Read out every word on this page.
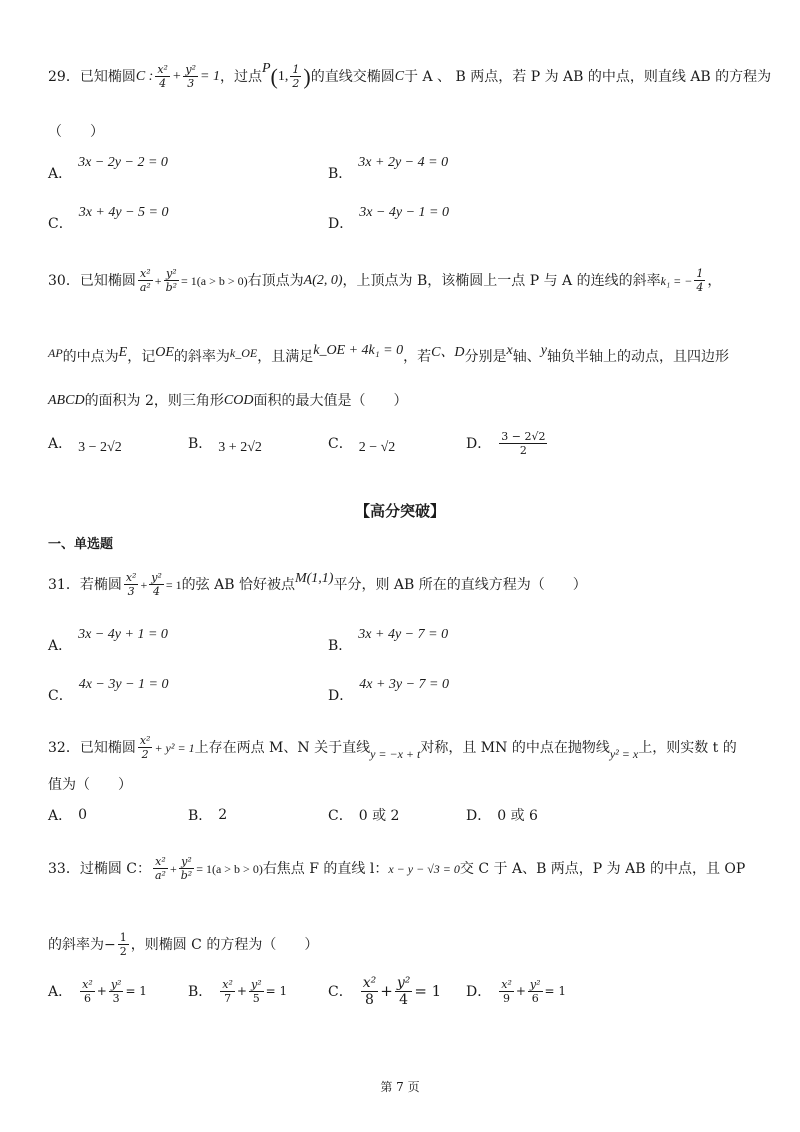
29．已知椭圆 C : $\frac{\text{x²}}{4} + \frac{\text{y²}}{3} = 1$ ，过点
P ( 1, $\frac{1}{2}$ ) 的直线交椭圆 C 于 A 、 B 两点，若 P 为 AB 的中点，则直线 AB 的方程为
（　　）
A．
3x − 2y − 2 = 0
B．
3x + 2y − 4 = 0
C．
3x + 4y − 5 = 0
D．
3x − 4y − 1 = 0
30．已知椭圆 $\frac{\text{x²}}{\text{a²}} + \frac{\text{y²}}{\text{b²}} = 1(a > b > 0)$ 右顶点为 A(2, 0) ，上顶点为 B，该椭圆上一点 P 与 A 的连线的斜率 k₁ = − $\frac{1}{4}$ ，
AP 的中点为 E ，记 OE 的斜率为 k_OE ，且满足 k_OE + 4k₁ = 0 ，若 C、D 分别是 x 轴、 y 轴负半轴上的动点，且四边形
ABCD 的面积为 2，则三角形 COD 面积的最大值是（　　）
A． 3 − 2√2	B． 3 + 2√2	C． 2 − √2	D． $\frac{3 - 2√2}{2}$
【高分突破】
一、单选题
31．若椭圆 $\frac{\text{x²}}{3} + \frac{\text{y²}}{4} = 1$ 的弦 AB 恰好被点 M(1,1) 平分，则 AB 所在的直线方程为（　　）
A．
3x − 4y + 1 = 0
B．
3x + 4y − 7 = 0
C．
4x − 3y − 1 = 0
D．
4x + 3y − 7 = 0
32．已知椭圆 $\frac{\text{x²}}{2} + y^2 = 1$ 上存在两点 M、N 关于直线 y = −x + t 对称，且 MN 的中点在抛物线 y² = x 上，则实数 t 的
值为（　　）
A． 0	B． 2	C． 0 或 2	D． 0 或 6
33．过椭圆 C： $\frac{\text{x²}}{\text{a²}} + \frac{\text{y²}}{\text{b²}} = 1(a > b > 0)$ 右焦点 F 的直线 l： x − y − √3 = 0 交 C 于 A、B 两点，P 为 AB 的中点，且 OP
的斜率为 − $\frac{1}{2}$ ，则椭圆 C 的方程为（　　）
A． $\frac{\text{x²}}{6} + \frac{\text{y²}}{3} = 1$	B． $\frac{\text{x²}}{7} + \frac{\text{y²}}{5} = 1$	C． $\frac{\text{x²}}{8} + \frac{\text{y²}}{4} = 1$ D． $\frac{\text{x²}}{9} + \frac{\text{y²}}{6} = 1$
第 7 页
